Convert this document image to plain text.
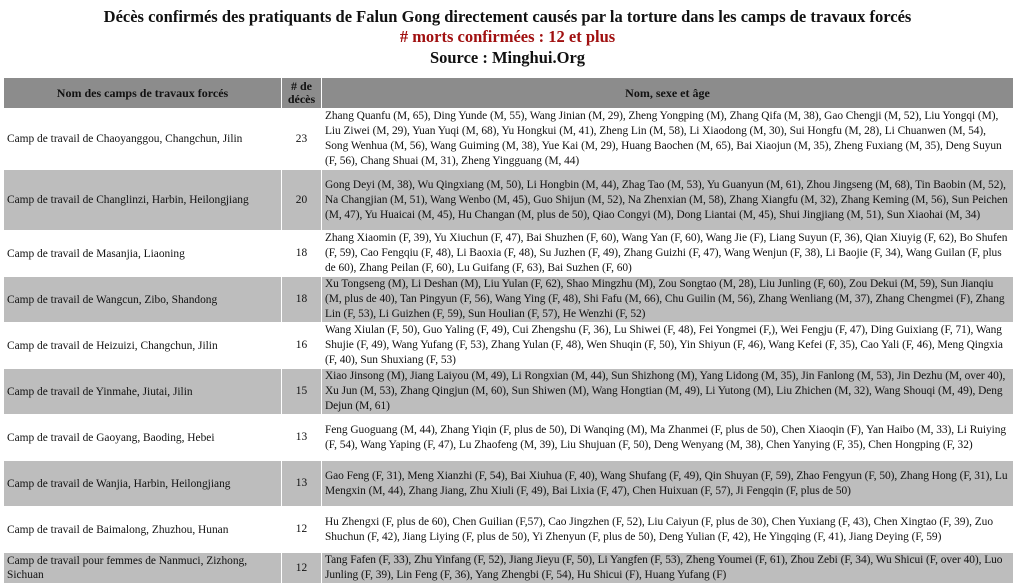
Décès confirmés des pratiquants de Falun Gong directement causés par la torture dans les camps de travaux forcés
# morts confirmées : 12 et plus
Source : Minghui.Org
Nom des camps de travaux forcés	# de décès	Nom, sexe et âge
Camp de travail de Chaoyanggou, Changchun, Jilin	23	Zhang Quanfu (M, 65), Ding Yunde (M, 55), Wang Jinian (M, 29), Zheng Yongping (M), Zhang Qifa (M, 38), Gao Chengji (M, 52), Liu Yongqi (M), Liu Ziwei (M, 29), Yuan Yuqi (M, 68), Yu Hongkui (M, 41), Zheng Lin (M, 58), Li Xiaodong (M, 30), Sui Hongfu (M, 28), Li Chuanwen (M, 54), Song Wenhua (M, 56), Wang Guiming (M, 38), Yue Kai (M, 29), Huang Baochen (M, 65), Bai Xiaojun (M, 35), Zheng Fuxiang (M, 35), Deng Suyun (F, 56), Chang Shuai (M, 31), Zheng Yingguang (M, 44)
Camp de travail de Changlinzi, Harbin, Heilongjiang	20	Gong Deyi (M, 38), Wu Qingxiang (M, 50), Li Hongbin (M, 44), Zhag Tao (M, 53), Yu Guanyun (M, 61), Zhou Jingseng (M, 68), Tin Baobin (M, 52), Na Changjian (M, 51), Wang Wenbo (M, 45), Guo Shijun (M, 52), Na Zhenxian (M, 58), Zhang Xiangfu (M, 32), Zhang Keming (M, 56), Sun Peichen (M, 47), Yu Huaicai (M, 45), Hu Changan (M, plus de 50), Qiao Congyi (M), Dong Liantai (M, 45), Shui Jingjiang (M, 51), Sun Xiaohai (M, 34)
Camp de travail de Masanjia, Liaoning	18	Zhang Xiaomin (F, 39), Yu Xiuchun (F, 47), Bai Shuzhen (F, 60), Wang Yan (F, 60), Wang Jie (F), Liang Suyun (F, 36), Qian Xiuyig (F, 62), Bo Shufen (F, 59), Cao Fengqiu (F, 48), Li Baoxia (F, 48), Su Juzhen (F, 49), Zhang Guizhi (F, 47), Wang Wenjun (F, 38), Li Baojie (F, 34), Wang Guilan (F, plus de 60), Zhang Peilan (F, 60), Lu Guifang (F, 63), Bai Suzhen (F, 60)
Camp de travail de Wangcun, Zibo, Shandong	18	Xu Tongseng (M), Li Deshan (M), Liu Yulan (F, 62), Shao Mingzhu (M), Zou Songtao (M, 28), Liu Junling (F, 60), Zou Dekui (M, 59), Sun Jianqiu (M, plus de 40), Tan Pingyun (F, 56), Wang Ying (F, 48), Shi Fafu (M, 66), Chu Guilin (M, 56), Zhang Wenliang (M, 37), Zhang Chengmei (F), Zhang Lin (F, 53), Li Guizhen (F, 59), Sun Houlian (F, 57), He Wenzhi (F, 52)
Camp de travail de Heizuizi, Changchun, Jilin	16	Wang Xiulan (F, 50), Guo Yaling (F, 49), Cui Zhengshu (F, 36), Lu Shiwei (F, 48), Fei Yongmei (F,), Wei Fengju (F, 47), Ding Guixiang (F, 71), Wang Shujie (F, 49), Wang Yufang (F, 53), Zhang Yulan (F, 48), Wen Shuqin (F, 50), Yin Shiyun (F, 46), Wang Kefei (F, 35), Cao Yali (F, 46), Meng Qingxia (F, 40), Sun Shuxiang (F, 53)
Camp de travail de Yinmahe, Jiutai, Jilin	15	Xiao Jinsong (M), Jiang Laiyou (M, 49), Li Rongxian (M, 44), Sun Shizhong (M), Yang Lidong (M, 35), Jin Fanlong (M, 53), Jin Dezhu (M, over 40), Xu Jun (M, 53), Zhang Qingjun (M, 60), Sun Shiwen (M), Wang Hongtian (M, 49), Li Yutong (M), Liu Zhichen (M, 32), Wang Shouqi (M, 49), Deng Dejun (M, 61)
Camp de travail de Gaoyang, Baoding, Hebei	13	Feng Guoguang (M, 44), Zhang Yiqin (F, plus de 50), Di Wanqing (M), Ma Zhanmei (F, plus de 50), Chen Xiaoqin (F), Yan Haibo (M, 33), Li Ruiying (F, 54), Wang Yaping (F, 47), Lu Zhaofeng (M, 39), Liu Shujuan (F, 50), Deng Wenyang (M, 38), Chen Yanying (F, 35), Chen Hongping (F, 32)
Camp de travail de Wanjia, Harbin, Heilongjiang	13	Gao Feng (F, 31), Meng Xianzhi (F, 54), Bai Xiuhua (F, 40), Wang Shufang (F, 49), Qin Shuyan (F, 59), Zhao Fengyun (F, 50), Zhang Hong (F, 31), Lu Mengxin (M, 44), Zhang Jiang, Zhu Xiuli (F, 49), Bai Lixia (F, 47), Chen Huixuan (F, 57), Ji Fengqin (F, plus de 50)
Camp de travail de Baimalong, Zhuzhou, Hunan	12	Hu Zhengxi (F, plus de 60), Chen Guilian (F,57), Cao Jingzhen (F, 52), Liu Caiyun (F, plus de 30), Chen Yuxiang (F, 43), Chen Xingtao (F, 39), Zuo Shuchun (F, 42), Jiang Liying (F, plus de 50), Yi Zhenyun (F, plus de 50), Deng Yulian (F, 42), He Yingqing (F, 41), Jiang Deying (F, 59)
Camp de travail pour femmes de Nanmuci, Zizhong, Sichuan	12	Tang Fafen (F, 33), Zhu Yinfang (F, 52), Jiang Jieyu (F, 50), Li Yangfen (F, 53), Zheng Youmei (F, 61), Zhou Zebi (F, 34), Wu Shicui (F, over 40), Luo Junling (F, 39), Lin Feng (F, 36), Yang Zhengbi (F, 54), Hu Shicui (F), Huang Yufang (F)
